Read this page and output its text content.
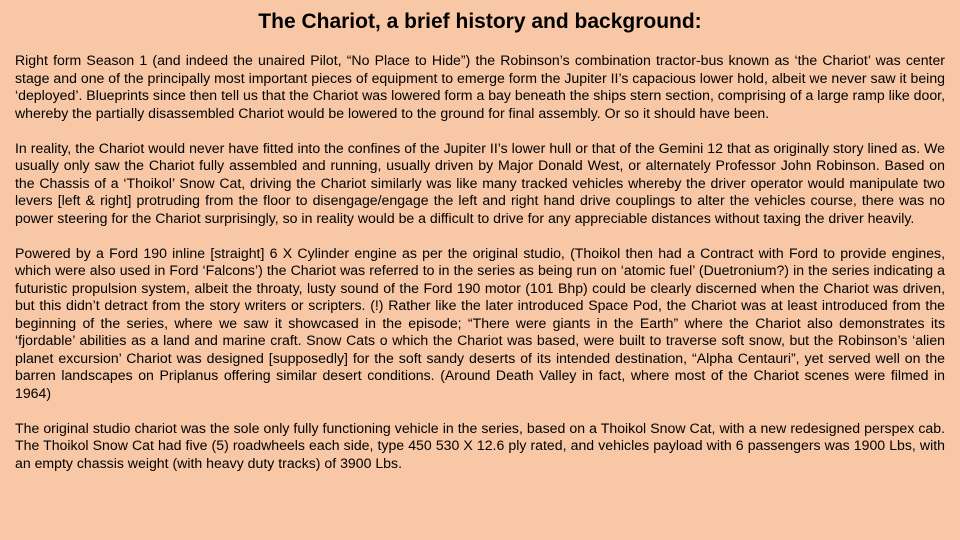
The Chariot, a brief history and background:

Right form Season 1 (and indeed the unaired Pilot, “No Place to Hide”) the Robinson’s combination tractor-bus known as ‘the Chariot’ was center stage and one of the principally most important pieces of equipment to emerge form the Jupiter II’s capacious lower hold, albeit we never saw it being ‘deployed’. Blueprints since then tell us that the Chariot was lowered form a bay beneath the ships stern section, comprising of a large ramp like door, whereby the partially disassembled Chariot would be lowered to the ground for final assembly. Or so it should have been.

In reality, the Chariot would never have fitted into the confines of the Jupiter II’s lower hull or that of the Gemini 12 that as originally story lined as. We usually only saw the Chariot fully assembled and running, usually driven by Major Donald West, or alternately Professor John Robinson. Based on the Chassis of a ‘Thoikol’ Snow Cat, driving the Chariot similarly was like many tracked vehicles whereby the driver operator would manipulate two levers [left & right] protruding from the floor to disengage/engage the left and right hand drive couplings to alter the vehicles course, there was no power steering for the Chariot surprisingly, so in reality would be a difficult to drive for any appreciable distances without taxing the driver heavily.

Powered by a Ford 190 inline [straight] 6 X Cylinder engine as per the original studio, (Thoikol then had a Contract with Ford to provide engines, which were also used in Ford ‘Falcons’) the Chariot was referred to in the series as being run on ‘atomic fuel’ (Duetronium?) in the series indicating a futuristic propulsion system, albeit the throaty, lusty sound of the Ford 190 motor (101 Bhp) could be clearly discerned when the Chariot was driven, but this didn’t detract from the story writers or scripters. (!) Rather like the later introduced Space Pod, the Chariot was at least introduced from the beginning of the series, where we saw it showcased in the episode; “There were giants in the Earth” where the Chariot also demonstrates its ‘fjordable’ abilities as a land and marine craft. Snow Cats o which the Chariot was based, were built to traverse soft snow, but the Robinson’s ‘alien planet excursion’ Chariot was designed [supposedly] for the soft sandy deserts of its intended destination, “Alpha Centauri”, yet served well on the barren landscapes on Priplanus offering similar desert conditions. (Around Death Valley in fact, where most of the Chariot scenes were filmed in 1964)

The original studio chariot was the sole only fully functioning vehicle in the series, based on a Thoikol Snow Cat, with a new redesigned perspex cab. The Thoikol Snow Cat had five (5) roadwheels each side, type 450 530 X 12.6 ply rated, and vehicles payload with 6 passengers was 1900 Lbs, with an empty chassis weight (with heavy duty tracks) of 3900 Lbs.
